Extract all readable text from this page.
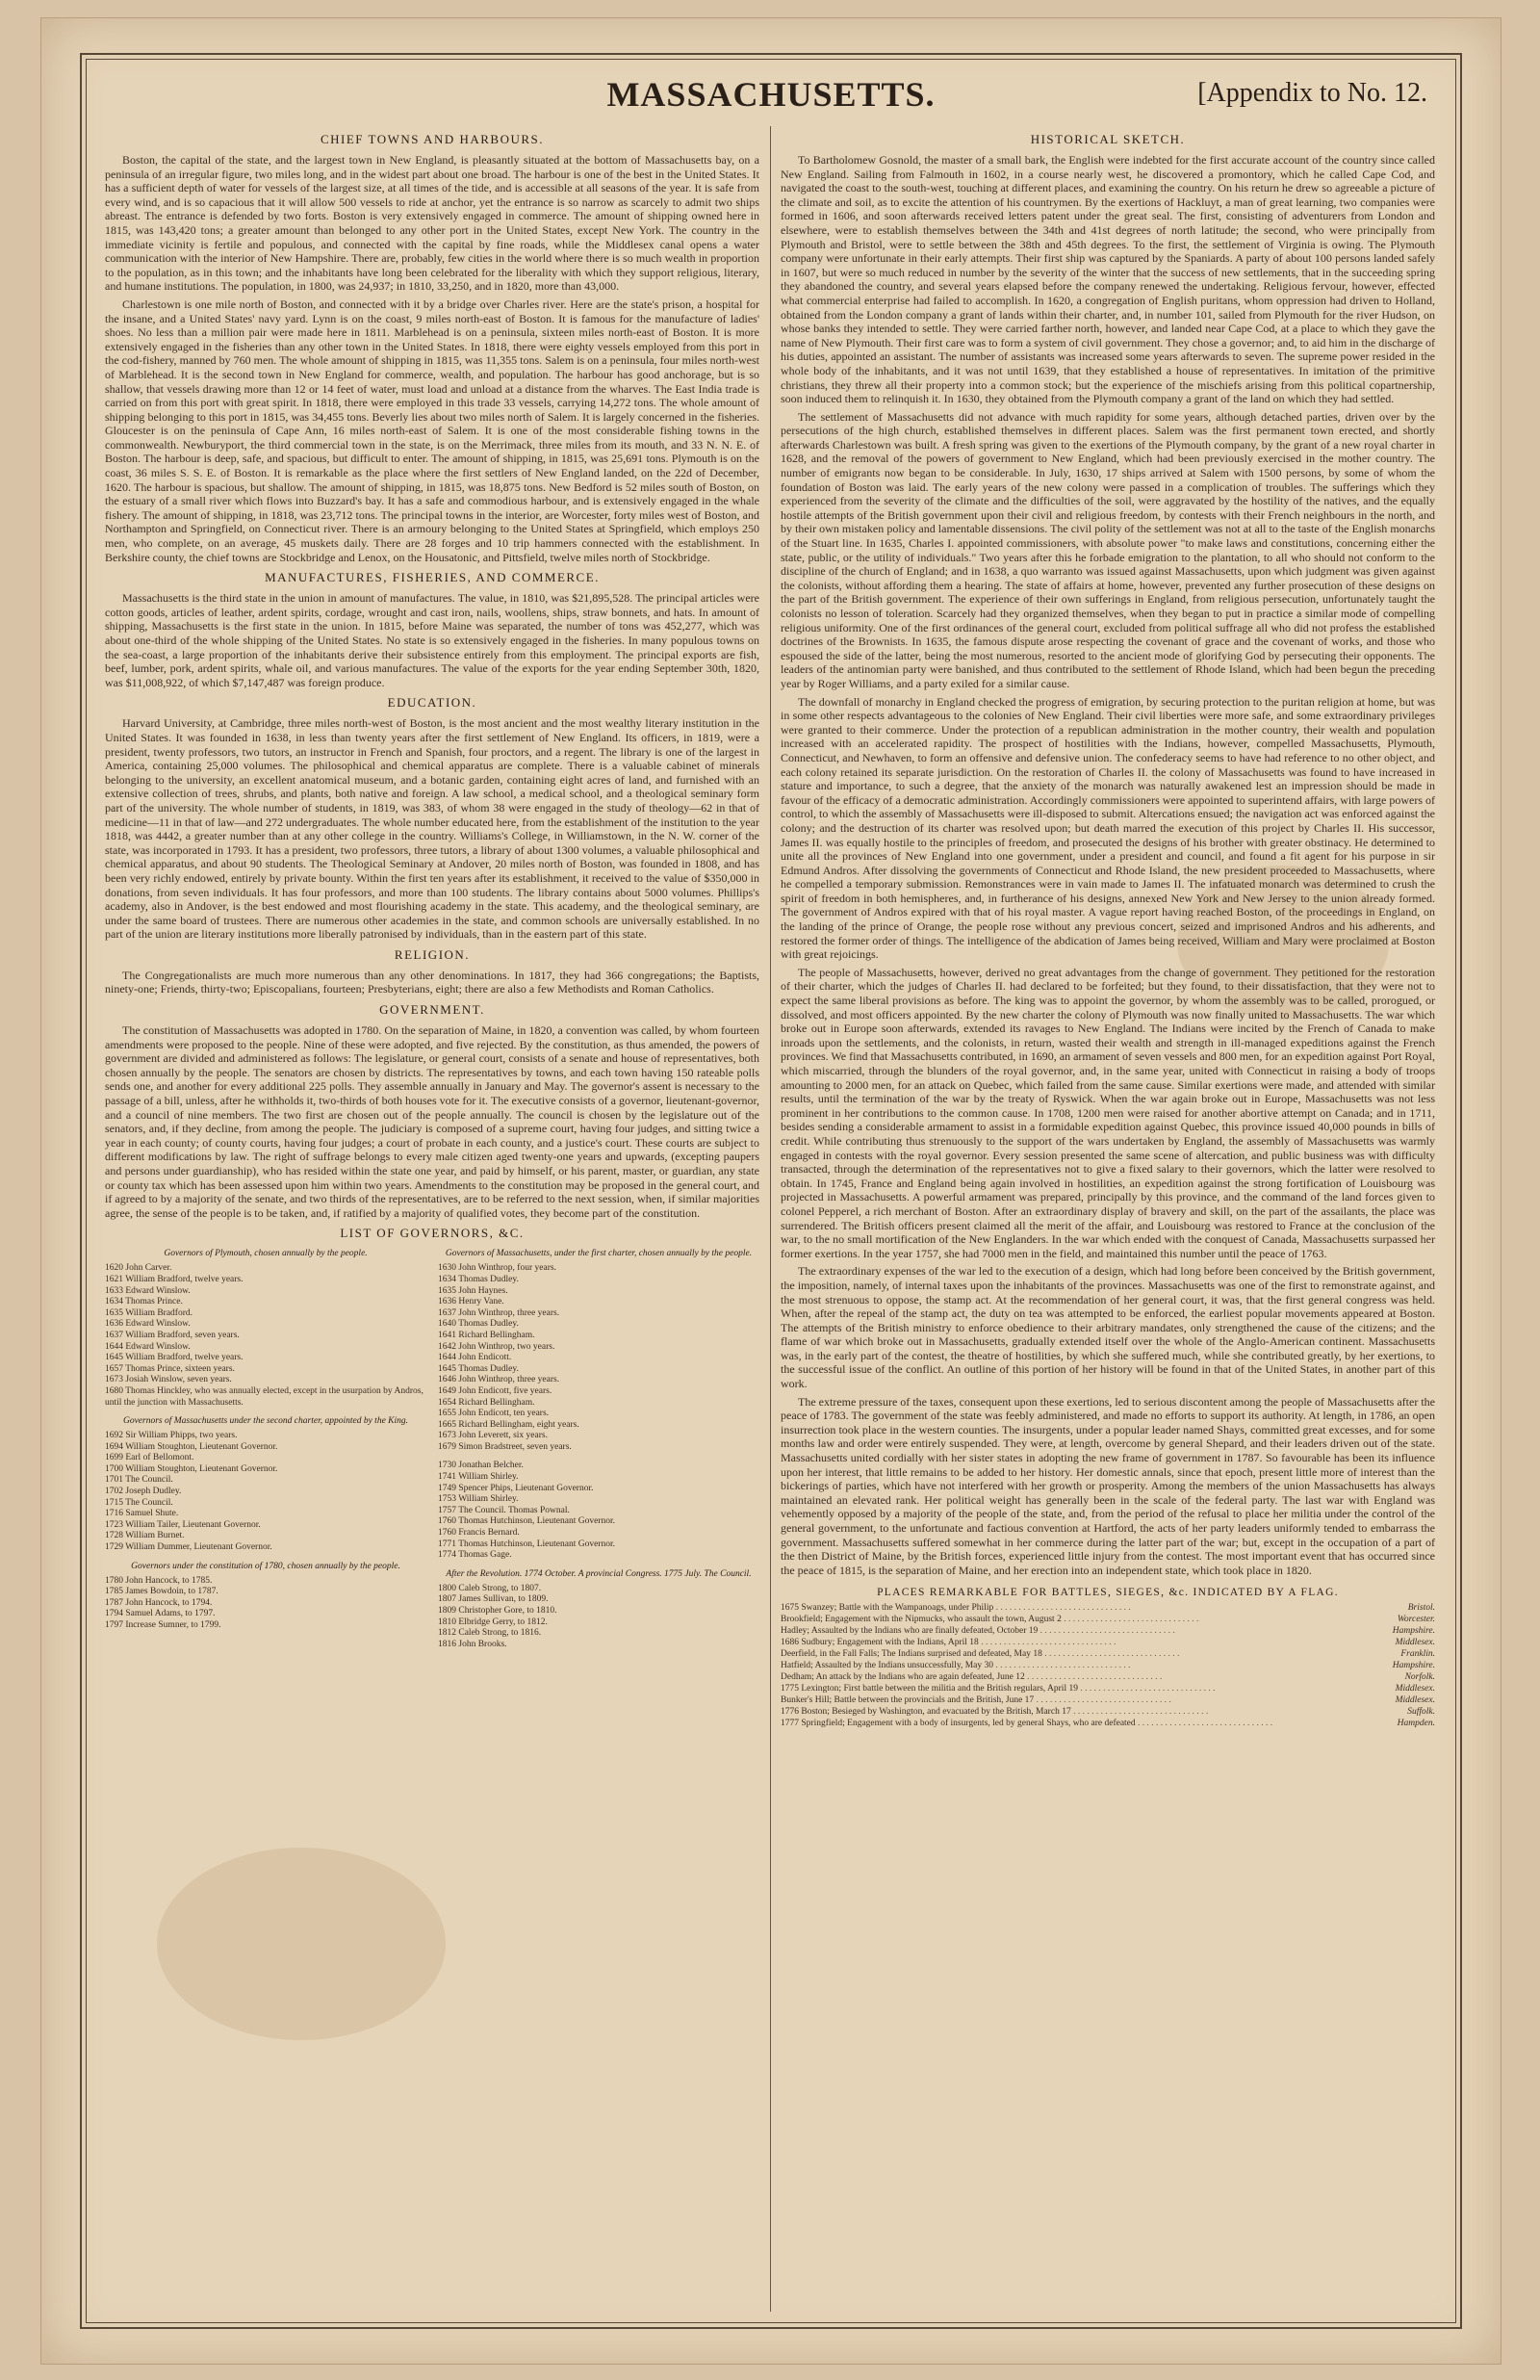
MASSACHUSETTS.	[Appendix to No. 12.
CHIEF TOWNS AND HARBOURS.

Boston, the capital of the state, and the largest town in New England, is pleasantly situated at the bottom of Massachusetts bay, on a peninsula of an irregular figure, two miles long, and in the widest part about one broad. The harbour is one of the best in the United States. It has a sufficient depth of water for vessels of the largest size, at all times of the tide, and is accessible at all seasons of the year. It is safe from every wind, and is so capacious that it will allow 500 vessels to ride at anchor, yet the entrance is so narrow as scarcely to admit two ships abreast. The entrance is defended by two forts. Boston is very extensively engaged in commerce. The amount of shipping owned here in 1815, was 143,420 tons; a greater amount than belonged to any other port in the United States, except New York. The country in the immediate vicinity is fertile and populous, and connected with the capital by fine roads, while the Middlesex canal opens a water communication with the interior of New Hampshire. There are, probably, few cities in the world where there is so much wealth in proportion to the population, as in this town; and the inhabitants have long been celebrated for the liberality with which they support religious, literary, and humane institutions. The population, in 1800, was 24,937; in 1810, 33,250, and in 1820, more than 43,000.

Charlestown is one mile north of Boston, and connected with it by a bridge over Charles river. Here are the state's prison, a hospital for the insane, and a United States' navy yard. Lynn is on the coast, 9 miles north-east of Boston. It is famous for the manufacture of ladies' shoes. No less than a million pair were made here in 1811. Marblehead is on a peninsula, sixteen miles north-east of Boston. It is more extensively engaged in the fisheries than any other town in the United States. In 1818, there were eighty vessels employed from this port in the cod-fishery, manned by 760 men. The whole amount of shipping in 1815, was 11,355 tons. Salem is on a peninsula, four miles north-west of Marblehead. It is the second town in New England for commerce, wealth, and population. The harbour has good anchorage, but is so shallow, that vessels drawing more than 12 or 14 feet of water, must load and unload at a distance from the wharves. The East India trade is carried on from this port with great spirit. In 1818, there were employed in this trade 33 vessels, carrying 14,272 tons. The whole amount of shipping belonging to this port in 1815, was 34,455 tons. Beverly lies about two miles north of Salem. It is largely concerned in the fisheries. Gloucester is on the peninsula of Cape Ann, 16 miles north-east of Salem. It is one of the most considerable fishing towns in the commonwealth. Newburyport, the third commercial town in the state, is on the Merrimack, three miles from its mouth, and 33 N. N. E. of Boston. The harbour is deep, safe, and spacious, but difficult to enter. The amount of shipping, in 1815, was 25,691 tons. Plymouth is on the coast, 36 miles S. S. E. of Boston. It is remarkable as the place where the first settlers of New England landed, on the 22d of December, 1620. The harbour is spacious, but shallow. The amount of shipping, in 1815, was 18,875 tons. New Bedford is 52 miles south of Boston, on the estuary of a small river which flows into Buzzard's bay. It has a safe and commodious harbour, and is extensively engaged in the whale fishery. The amount of shipping, in 1818, was 23,712 tons. The principal towns in the interior, are Worcester, forty miles west of Boston, and Northampton and Springfield, on Connecticut river. There is an armoury belonging to the United States at Springfield, which employs 250 men, who complete, on an average, 45 muskets daily. There are 28 forges and 10 trip hammers connected with the establishment. In Berkshire county, the chief towns are Stockbridge and Lenox, on the Housatonic, and Pittsfield, twelve miles north of Stockbridge.

MANUFACTURES, FISHERIES, AND COMMERCE.

Massachusetts is the third state in the union in amount of manufactures. The value, in 1810, was $21,895,528. The principal articles were cotton goods, articles of leather, ardent spirits, cordage, wrought and cast iron, nails, woollens, ships, straw bonnets, and hats. In amount of shipping, Massachusetts is the first state in the union. In 1815, before Maine was separated, the number of tons was 452,277, which was about one-third of the whole shipping of the United States. No state is so extensively engaged in the fisheries. In many populous towns on the sea-coast, a large proportion of the inhabitants derive their subsistence entirely from this employment. The principal exports are fish, beef, lumber, pork, ardent spirits, whale oil, and various manufactures. The value of the exports for the year ending September 30th, 1820, was $11,008,922, of which $7,147,487 was foreign produce.

EDUCATION.

Harvard University, at Cambridge, three miles north-west of Boston, is the most ancient and the most wealthy literary institution in the United States. It was founded in 1638, in less than twenty years after the first settlement of New England. Its officers, in 1819, were a president, twenty professors, two tutors, an instructor in French and Spanish, four proctors, and a regent. The library is one of the largest in America, containing 25,000 volumes. The philosophical and chemical apparatus are complete. There is a valuable cabinet of minerals belonging to the university, an excellent anatomical museum, and a botanic garden, containing eight acres of land, and furnished with an extensive collection of trees, shrubs, and plants, both native and foreign. A law school, a medical school, and a theological seminary form part of the university. The whole number of students, in 1819, was 383, of whom 38 were engaged in the study of theology—62 in that of medicine—11 in that of law—and 272 undergraduates. The whole number educated here, from the establishment of the institution to the year 1818, was 4442, a greater number than at any other college in the country. Williams's College, in Williamstown, in the N. W. corner of the state, was incorporated in 1793. It has a president, two professors, three tutors, a library of about 1300 volumes, a valuable philosophical and chemical apparatus, and about 90 students. The Theological Seminary at Andover, 20 miles north of Boston, was founded in 1808, and has been very richly endowed, entirely by private bounty. Within the first ten years after its establishment, it received to the value of $350,000 in donations, from seven individuals. It has four professors, and more than 100 students. The library contains about 5000 volumes. Phillips's academy, also in Andover, is the best endowed and most flourishing academy in the state. This academy, and the theological seminary, are under the same board of trustees. There are numerous other academies in the state, and common schools are universally established. In no part of the union are literary institutions more liberally patronised by individuals, than in the eastern part of this state.

RELIGION.

The Congregationalists are much more numerous than any other denominations. In 1817, they had 366 congregations; the Baptists, ninety-one; Friends, thirty-two; Episcopalians, fourteen; Presbyterians, eight; there are also a few Methodists and Roman Catholics.

GOVERNMENT.

The constitution of Massachusetts was adopted in 1780. On the separation of Maine, in 1820, a convention was called, by whom fourteen amendments were proposed to the people. Nine of these were adopted, and five rejected. By the constitution, as thus amended, the powers of government are divided and administered as follows: The legislature, or general court, consists of a senate and house of representatives, both chosen annually by the people. The senators are chosen by districts. The representatives by towns, and each town having 150 rateable polls sends one, and another for every additional 225 polls. They assemble annually in January and May. The governor's assent is necessary to the passage of a bill, unless, after he withholds it, two-thirds of both houses vote for it. The executive consists of a governor, lieutenant-governor, and a council of nine members. The two first are chosen out of the people annually. The council is chosen by the legislature out of the senators, and, if they decline, from among the people. The judiciary is composed of a supreme court, having four judges, and sitting twice a year in each county; of county courts, having four judges; a court of probate in each county, and a justice's court. These courts are subject to different modifications by law. The right of suffrage belongs to every male citizen aged twenty-one years and upwards, (excepting paupers and persons under guardianship), who has resided within the state one year, and paid by himself, or his parent, master, or guardian, any state or county tax which has been assessed upon him within two years. Amendments to the constitution may be proposed in the general court, and if agreed to by a majority of the senate, and two thirds of the representatives, are to be referred to the next session, when, if similar majorities agree, the sense of the people is to be taken, and, if ratified by a majority of qualified votes, they become part of the constitution.

LIST OF GOVERNORS, &C.
Governors of Plymouth, chosen annually by the people.
1620 John Carver.
1621 William Bradford, twelve years.
1633 Edward Winslow.
1634 Thomas Prince.
1635 William Bradford.
1636 Edward Winslow.
1637 William Bradford, seven years.
1644 Edward Winslow.
1645 William Bradford, twelve years.
1657 Thomas Prince, sixteen years.
1673 Josiah Winslow, seven years.
1680 Thomas Hinckley, who was annually elected, except in the usurpation by Andros, until the junction with Massachusetts.
Governors of Massachusetts under the second charter, appointed by the King.
1692 Sir William Phipps, two years.
1694 William Stoughton, Lieutenant Governor.
1699 Earl of Bellomont.
1700 William Stoughton, Lieutenant Governor.
1701 The Council.
1702 Joseph Dudley.
1715 The Council.
1716 Samuel Shute.
1723 William Tailer, Lieutenant Governor.
1728 William Burnet.
1729 William Dummer, Lieutenant Governor.
Governors under the constitution of 1780, chosen annually by the people.
1780 John Hancock, to 1785.
1785 James Bowdoin, to 1787.
1787 John Hancock, to 1794.
1794 Samuel Adams, to 1797.
1797 Increase Sumner, to 1799.
Governors of Massachusetts, under the first charter, chosen annually by the people.
1630 John Winthrop, four years.
1634 Thomas Dudley.
1635 John Haynes.
1636 Henry Vane.
1637 John Winthrop, three years.
1640 Thomas Dudley.
1641 Richard Bellingham.
1642 John Winthrop, two years.
1644 John Endicott.
1645 Thomas Dudley.
1646 John Winthrop, three years.
1649 John Endicott, five years.
1654 Richard Bellingham.
1655 John Endicott, ten years.
1665 Richard Bellingham, eight years.
1673 John Leverett, six years.
1679 Simon Bradstreet, seven years.
1730 Jonathan Belcher.
1741 William Shirley.
1749 Spencer Phips, Lieutenant Governor.
1753 William Shirley.
1757 The Council. Thomas Pownal.
1760 Thomas Hutchinson, Lieutenant Governor.
1760 Francis Bernard.
1771 Thomas Hutchinson, Lieutenant Governor.
1774 Thomas Gage.
After the Revolution. 1774 October. A provincial Congress. 1775 July. The Council.
1800 Caleb Strong, to 1807.
1807 James Sullivan, to 1809.
1809 Christopher Gore, to 1810.
1810 Elbridge Gerry, to 1812.
1812 Caleb Strong, to 1816.
1816 John Brooks.
HISTORICAL SKETCH.

To Bartholomew Gosnold, the master of a small bark, the English were indebted for the first accurate account of the country since called New England. Sailing from Falmouth in 1602, in a course nearly west, he discovered a promontory, which he called Cape Cod, and navigated the coast to the south-west, touching at different places, and examining the country. On his return he drew so agreeable a picture of the climate and soil, as to excite the attention of his countrymen. By the exertions of Hackluyt, a man of great learning, two companies were formed in 1606, and soon afterwards received letters patent under the great seal. The first, consisting of adventurers from London and elsewhere, were to establish themselves between the 34th and 41st degrees of north latitude; the second, who were principally from Plymouth and Bristol, were to settle between the 38th and 45th degrees. To the first, the settlement of Virginia is owing. The Plymouth company were unfortunate in their early attempts. Their first ship was captured by the Spaniards. A party of about 100 persons landed safely in 1607, but were so much reduced in number by the severity of the winter that the success of new settlements, that in the succeeding spring they abandoned the country, and several years elapsed before the company renewed the undertaking. Religious fervour, however, effected what commercial enterprise had failed to accomplish. In 1620, a congregation of English puritans, whom oppression had driven to Holland, obtained from the London company a grant of lands within their charter, and, in number 101, sailed from Plymouth for the river Hudson, on whose banks they intended to settle. They were carried farther north, however, and landed near Cape Cod, at a place to which they gave the name of New Plymouth. Their first care was to form a system of civil government. They chose a governor; and, to aid him in the discharge of his duties, appointed an assistant. The number of assistants was increased some years afterwards to seven. The supreme power resided in the whole body of the inhabitants, and it was not until 1639, that they established a house of representatives. In imitation of the primitive christians, they threw all their property into a common stock; but the experience of the mischiefs arising from this political copartnership, soon induced them to relinquish it. In 1630, they obtained from the Plymouth company a grant of the land on which they had settled.

The settlement of Massachusetts did not advance with much rapidity for some years, although detached parties, driven over by the persecutions of the high church, established themselves in different places. Salem was the first permanent town erected, and shortly afterwards Charlestown was built. A fresh spring was given to the exertions of the Plymouth company, by the grant of a new royal charter in 1628, and the removal of the powers of government to New England, which had been previously exercised in the mother country. The number of emigrants now began to be considerable. In July, 1630, 17 ships arrived at Salem with 1500 persons, by some of whom the foundation of Boston was laid. The early years of the new colony were passed in a complication of troubles. The sufferings which they experienced from the severity of the climate and the difficulties of the soil, were aggravated by the hostility of the natives, and the equally hostile attempts of the British government upon their civil and religious freedom, by contests with their French neighbours in the north, and by their own mistaken policy and lamentable dissensions. The civil polity of the settlement was not at all to the taste of the English monarchs of the Stuart line. In 1635, Charles I. appointed commissioners, with absolute power "to make laws and constitutions, concerning either the state, public, or the utility of individuals." Two years after this he forbade emigration to the plantation, to all who should not conform to the discipline of the church of England; and in 1638, a quo warranto was issued against Massachusetts, upon which judgment was given against the colonists, without affording them a hearing. The state of affairs at home, however, prevented any further prosecution of these designs on the part of the British government. The experience of their own sufferings in England, from religious persecution, unfortunately taught the colonists no lesson of toleration. Scarcely had they organized themselves, when they began to put in practice a similar mode of compelling religious uniformity. One of the first ordinances of the general court, excluded from political suffrage all who did not profess the established doctrines of the Brownists. In 1635, the famous dispute arose respecting the covenant of grace and the covenant of works, and those who espoused the side of the latter, being the most numerous, resorted to the ancient mode of glorifying God by persecuting their opponents. The leaders of the antinomian party were banished, and thus contributed to the settlement of Rhode Island, which had been begun the preceding year by Roger Williams, and a party exiled for a similar cause.

The downfall of monarchy in England checked the progress of emigration, by securing protection to the puritan religion at home, but was in some other respects advantageous to the colonies of New England. Their civil liberties were more safe, and some extraordinary privileges were granted to their commerce. Under the protection of a republican administration in the mother country, their wealth and population increased with an accelerated rapidity. The prospect of hostilities with the Indians, however, compelled Massachusetts, Plymouth, Connecticut, and Newhaven, to form an offensive and defensive union. The confederacy seems to have had reference to no other object, and each colony retained its separate jurisdiction. On the restoration of Charles II. the colony of Massachusetts was found to have increased in stature and importance, to such a degree, that the anxiety of the monarch was naturally awakened lest an impression should be made in favour of the efficacy of a democratic administration. Accordingly commissioners were appointed to superintend affairs, with large powers of control, to which the assembly of Massachusetts were ill-disposed to submit. Altercations ensued; the navigation act was enforced against the colony; and the destruction of its charter was resolved upon; but death marred the execution of this project by Charles II. His successor, James II. was equally hostile to the principles of freedom, and prosecuted the designs of his brother with greater obstinacy. He determined to unite all the provinces of New England into one government, under a president and council, and found a fit agent for his purpose in sir Edmund Andros. After dissolving the governments of Connecticut and Rhode Island, the new president proceeded to Massachusetts, where he compelled a temporary submission. Remonstrances were in vain made to James II. The infatuated monarch was determined to crush the spirit of freedom in both hemispheres, and, in furtherance of his designs, annexed New York and New Jersey to the union already formed. The government of Andros expired with that of his royal master. A vague report having reached Boston, of the proceedings in England, on the landing of the prince of Orange, the people rose without any previous concert, seized and imprisoned Andros and his adherents, and restored the former order of things. The intelligence of the abdication of James being received, William and Mary were proclaimed at Boston with great rejoicings.

The people of Massachusetts, however, derived no great advantages from the change of government. They petitioned for the restoration of their charter, which the judges of Charles II. had declared to be forfeited; but they found, to their dissatisfaction, that they were not to expect the same liberal provisions as before. The king was to appoint the governor, by whom the assembly was to be called, prorogued, or dissolved, and most officers appointed. By the new charter the colony of Plymouth was now finally united to Massachusetts. The war which broke out in Europe soon afterwards, extended its ravages to New England. The Indians were incited by the French of Canada to make inroads upon the settlements, and the colonists, in return, wasted their wealth and strength in ill-managed expeditions against the French provinces. We find that Massachusetts contributed, in 1690, an armament of seven vessels and 800 men, for an expedition against Port Royal, which miscarried, through the blunders of the royal governor, and, in the same year, united with Connecticut in raising a body of troops amounting to 2000 men, for an attack on Quebec, which failed from the same cause. Similar exertions were made, and attended with similar results, until the termination of the war by the treaty of Ryswick. When the war again broke out in Europe, Massachusetts was not less prominent in her contributions to the common cause. In 1708, 1200 men were raised for another abortive attempt on Canada; and in 1711, besides sending a considerable armament to assist in a formidable expedition against Quebec, this province issued 40,000 pounds in bills of credit. While contributing thus strenuously to the support of the wars undertaken by England, the assembly of Massachusetts was warmly engaged in contests with the royal governor. Every session presented the same scene of altercation, and public business was with difficulty transacted, through the determination of the representatives not to give a fixed salary to their governors, which the latter were resolved to obtain. In 1745, France and England being again involved in hostilities, an expedition against the strong fortification of Louisbourg was projected in Massachusetts. A powerful armament was prepared, principally by this province, and the command of the land forces given to colonel Pepperel, a rich merchant of Boston. After an extraordinary display of bravery and skill, on the part of the assailants, the place was surrendered. The British officers present claimed all the merit of the affair, and Louisbourg was restored to France at the conclusion of the war, to the no small mortification of the New Englanders. In the war which ended with the conquest of Canada, Massachusetts surpassed her former exertions. In the year 1757, she had 7000 men in the field, and maintained this number until the peace of 1763.

The extraordinary expenses of the war led to the execution of a design, which had long before been conceived by the British government, the imposition, namely, of internal taxes upon the inhabitants of the provinces. Massachusetts was one of the first to remonstrate against, and the most strenuous to oppose, the stamp act. At the recommendation of her general court, it was, that the first general congress was held. When, after the repeal of the stamp act, the duty on tea was attempted to be enforced, the earliest popular movements appeared at Boston. The attempts of the British ministry to enforce obedience to their arbitrary mandates, only strengthened the cause of the citizens; and the flame of war which broke out in Massachusetts, gradually extended itself over the whole of the Anglo-American continent. Massachusetts was, in the early part of the contest, the theatre of hostilities, by which she suffered much, while she contributed greatly, by her exertions, to the successful issue of the conflict. An outline of this portion of her history will be found in that of the United States, in another part of this work.

The extreme pressure of the taxes, consequent upon these exertions, led to serious discontent among the people of Massachusetts after the peace of 1783. The government of the state was feebly administered, and made no efforts to support its authority. At length, in 1786, an open insurrection took place in the western counties. The insurgents, under a popular leader named Shays, committed great excesses, and for some months law and order were entirely suspended. They were, at length, overcome by general Shepard, and their leaders driven out of the state. Massachusetts united cordially with her sister states in adopting the new frame of government in 1787. So favourable has been its influence upon her interest, that little remains to be added to her history. Her domestic annals, since that epoch, present little more of interest than the bickerings of parties, which have not interfered with her growth or prosperity. Among the members of the union Massachusetts has always maintained an elevated rank. Her political weight has generally been in the scale of the federal party. The last war with England was vehemently opposed by a majority of the people of the state, and, from the period of the refusal to place her militia under the control of the general government, to the unfortunate and factious convention at Hartford, the acts of her party leaders uniformly tended to embarrass the government. Massachusetts suffered somewhat in her commerce during the latter part of the war; but, except in the occupation of a part of the then District of Maine, by the British forces, experienced little injury from the contest. The most important event that has occurred since the peace of 1815, is the separation of Maine, and her erection into an independent state, which took place in 1820.

PLACES REMARKABLE FOR BATTLES, SIEGES, &c. INDICATED BY A FLAG.
1675 Swanzey; Battle with the Wampanoags, under Philip . . .	Bristol.
Brookfield; Engagement with the Nipmucks, who assault the town, August 2 . . .	Worcester.
Hadley; Assaulted by the Indians who are finally defeated, October 19 . . .	Hampshire.
1686 Sudbury; Engagement with the Indians, April 18 . . .	Middlesex.
Deerfield, in the Fall Falls; The Indians surprised and defeated, May 18 . . .	Franklin.
Hatfield; Assaulted by the Indians unsuccessfully, May 30 . . .	Hampshire.
Dedham; An attack by the Indians who are again defeated, June 12 . . .	Norfolk.
1775 Lexington; First battle between the militia and the British regulars, April 19 . . .	Middlesex.
Bunker's Hill; Battle between the provincials and the British, June 17 . . .	Middlesex.
1776 Boston; Besieged by Washington, and evacuated by the British, March 17 . . .	Suffolk.
1777 Springfield; Engagement with a body of insurgents, led by general Shays, who are defeated . . .	Hampden.
